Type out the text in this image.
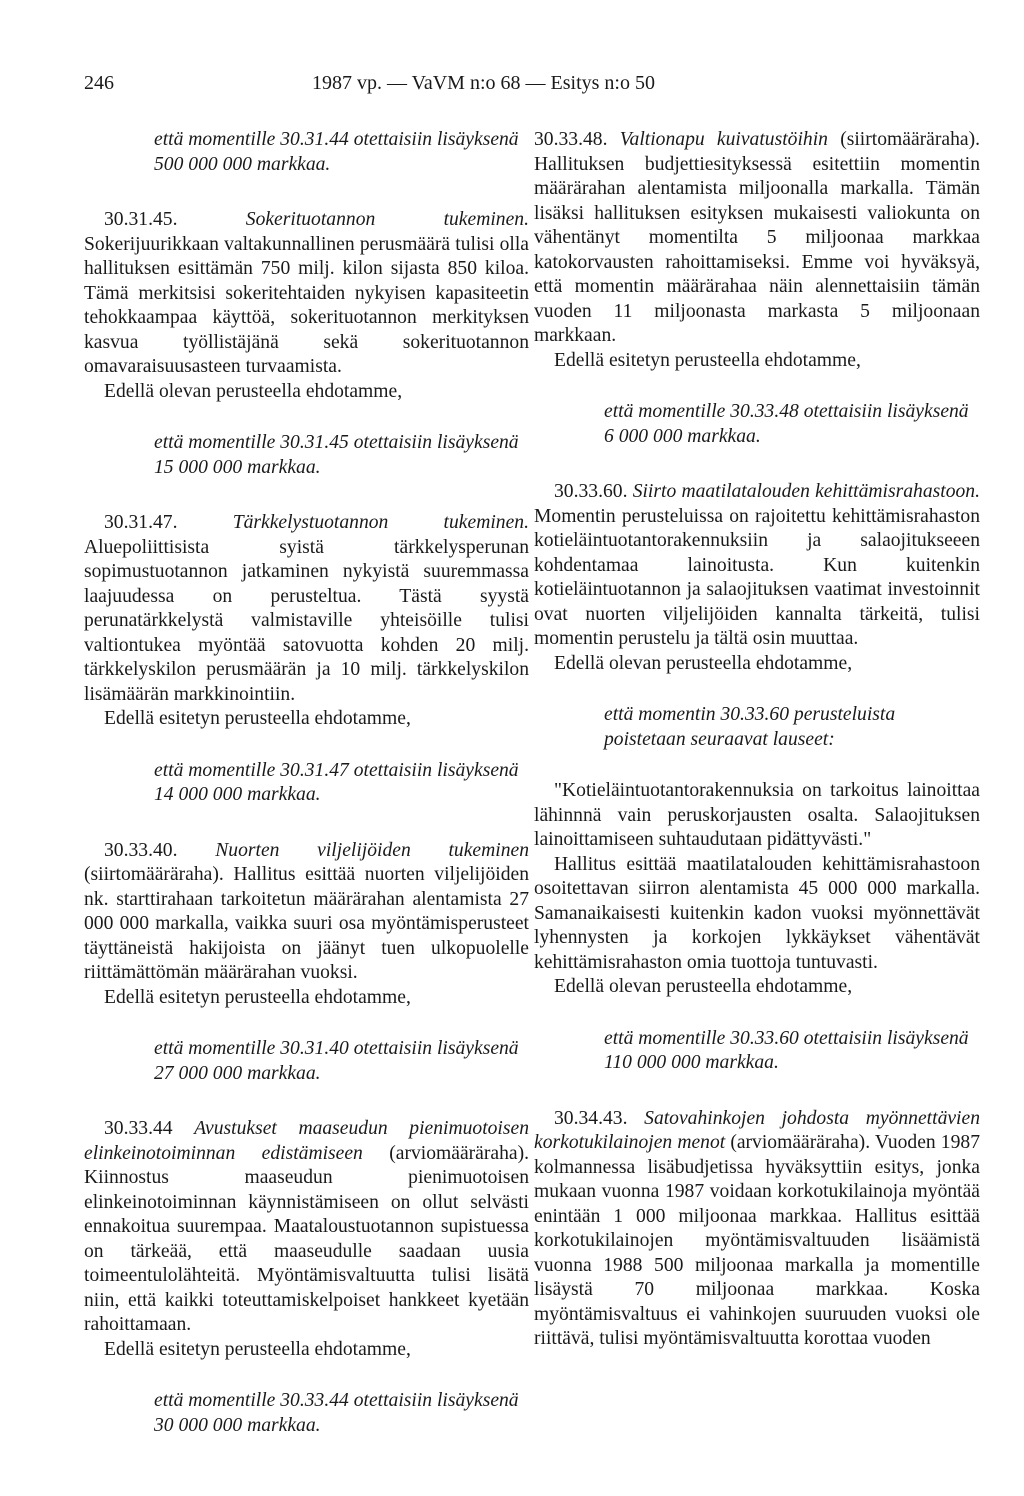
246	1987 vp. — VaVM n:o 68 — Esitys n:o 50

että momentille 30.31.44 otettaisiin lisäyksenä 500 000 000 markkaa.

30.31.45.	Sokerituotannon tukeminen. Sokerijuurikkaan valtakunnallinen perusmäärä tulisi olla hallituksen esittämän 750 milj. kilon sijasta 850 kiloa. Tämä merkitsisi sokeritehtaiden nykyisen kapasiteetin tehokkaampaa käyttöä, sokerituotannon merkityksen kasvua työllistäjänä sekä sokerituotannon omavaraisuusasteen turvaamista.

Edellä olevan perusteella ehdotamme,

että momentille 30.31.45 otettaisiin lisäyksenä 15 000 000 markkaa.

30.31.47.	Tärkkelystuotannon tukeminen. Aluepoliittisista syistä tärkkelysperunan sopimustuotannon jatkaminen nykyistä suuremmassa laajuudessa on perusteltua. Tästä syystä perunatärkkelystä valmistaville yhteisöille tulisi valtiontukea myöntää satovuotta kohden 20 milj. tärkkelyskilon perusmäärän ja 10 milj. tärkkelyskilon lisämäärän markkinointiin.

Edellä esitetyn perusteella ehdotamme,

että momentille 30.31.47 otettaisiin lisäyksenä 14 000 000 markkaa.

30.33.40. Nuorten viljelijöiden tukeminen (siirtomääräraha). Hallitus esittää nuorten viljelijöiden nk. starttirahaan tarkoitetun määrärahan alentamista 27 000 000 markalla, vaikka suuri osa myöntämisperusteet täyttäneistä hakijoista on jäänyt tuen ulkopuolelle riittämättömän määrärahan vuoksi.

Edellä esitetyn perusteella ehdotamme,

että momentille 30.31.40 otettaisiin lisäyksenä 27 000 000 markkaa.

30.33.44 Avustukset maaseudun pienimuotoisen elinkeinotoiminnan edistämiseen (arviomääräraha). Kiinnostus maaseudun pienimuotoisen elinkeinotoiminnan käynnistämiseen on ollut selvästi ennakoitua suurempaa. Maataloustuotannon supistuessa on tärkeää, että maaseudulle saadaan uusia toimeentulolähteitä. Myöntämisvaltuutta tulisi lisätä niin, että kaikki toteuttamiskelpoiset hankkeet kyetään rahoittamaan.

Edellä esitetyn perusteella ehdotamme,

että momentille 30.33.44 otettaisiin lisäyksenä 30 000 000 markkaa.

30.33.48. Valtionapu kuivatustöihin (siirtomääräraha). Hallituksen budjettiesityksessä esitettiin momentin määrärahan alentamista miljoonalla markalla. Tämän lisäksi hallituksen esityksen mukaisesti valiokunta on vähentänyt momentilta 5 miljoonaa markkaa katokorvausten rahoittamiseksi. Emme voi hyväksyä, että momentin määrärahaa näin alennettaisiin tämän vuoden 11 miljoonasta markasta 5 miljoonaan markkaan.

Edellä esitetyn perusteella ehdotamme,

että momentille 30.33.48 otettaisiin lisäyksenä 6 000 000 markkaa.

30.33.60. Siirto maatilatalouden kehittämisrahastoon. Momentin perusteluissa on rajoitettu kehittämisrahaston kotieläintuotantorakennuksiin ja salaojitukseeen kohdentamaa lainoitusta. Kun kuitenkin kotieläintuotannon ja salaojituksen vaatimat investoinnit ovat nuorten viljelijöiden kannalta tärkeitä, tulisi momentin perustelu ja tältä osin muuttaa.

Edellä olevan perusteella ehdotamme,

että momentin 30.33.60 perusteluista poistetaan seuraavat lauseet:

"Kotieläintuotantorakennuksia on tarkoitus lainoittaa lähinnnä vain peruskorjausten osalta. Salaojituksen lainoittamiseen suhtaudutaan pidättyvästi."

Hallitus esittää maatilatalouden kehittämisrahastoon osoitettavan siirron alentamista 45 000 000 markalla. Samanaikaisesti kuitenkin kadon vuoksi myönnettävät lyhennysten ja korkojen lykkäykset vähentävät kehittämisrahaston omia tuottoja tuntuvasti.

Edellä olevan perusteella ehdotamme,

että momentille 30.33.60 otettaisiin lisäyksenä 110 000 000 markkaa.

30.34.43. Satovahinkojen johdosta myönnettävien korkotukilainojen menot (arviomääräraha). Vuoden 1987 kolmannessa lisäbudjetissa hyväksyttiin esitys, jonka mukaan vuonna 1987 voidaan korkotukilainoja myöntää enintään 1 000 miljoonaa markkaa. Hallitus esittää korkotukilainojen myöntämisvaltuuden lisäämistä vuonna 1988 500 miljoonaa markalla ja momentille lisäystä 70 miljoonaa markkaa. Koska myöntämisvaltuus ei vahinkojen suuruuden vuoksi ole riittävä, tulisi myöntämisvaltuutta korottaa vuoden
